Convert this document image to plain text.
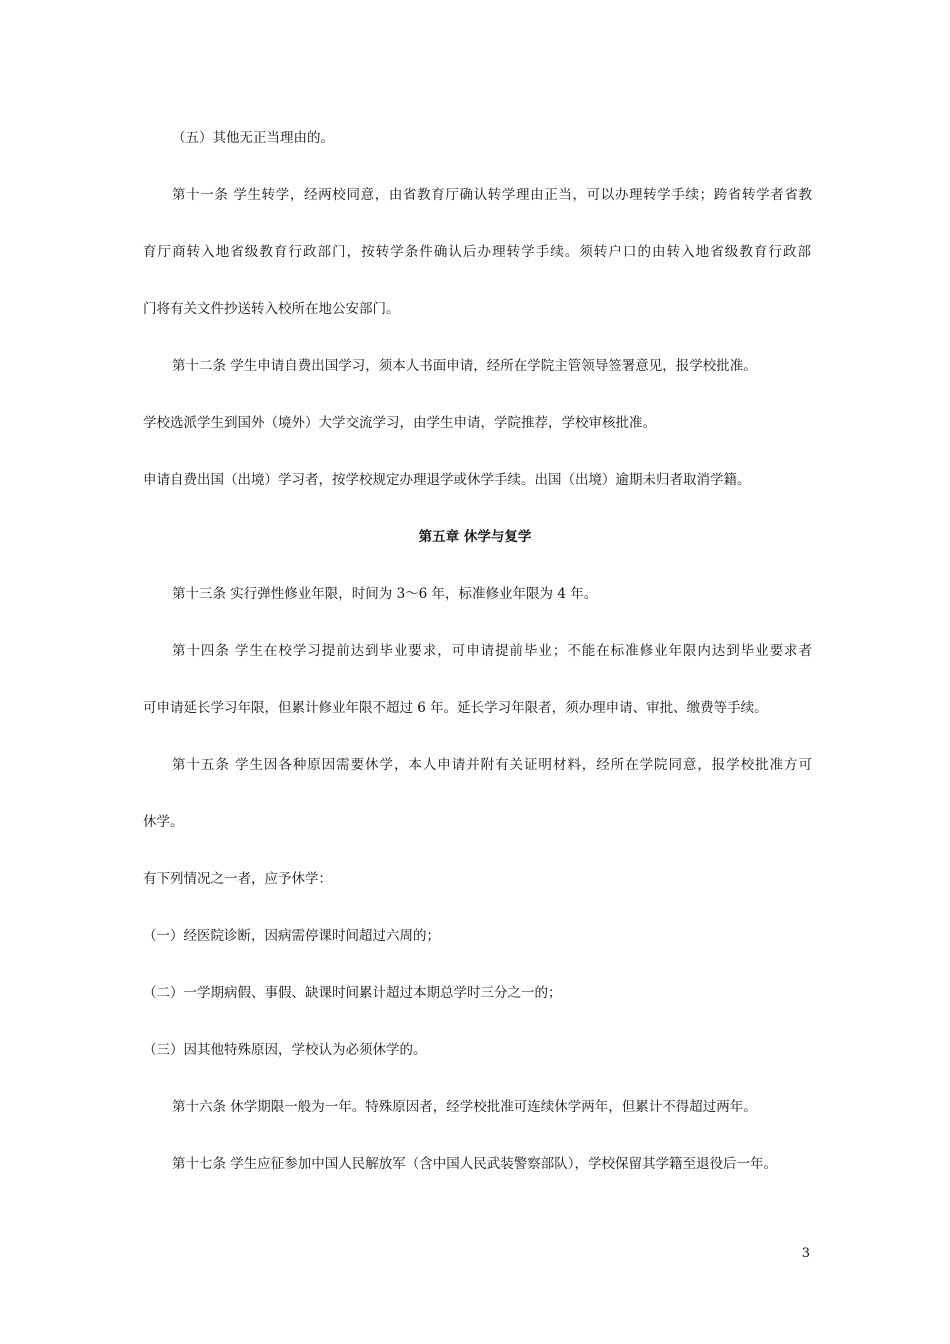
（五）其他无正当理由的。
第十一条 学生转学，经两校同意，由省教育厅确认转学理由正当，可以办理转学手续；跨省转学者省教
育厅商转入地省级教育行政部门，按转学条件确认后办理转学手续。须转户口的由转入地省级教育行政部
门将有关文件抄送转入校所在地公安部门。
第十二条 学生申请自费出国学习，须本人书面申请，经所在学院主管领导签署意见，报学校批准。
学校选派学生到国外（境外）大学交流学习，由学生申请，学院推荐，学校审核批准。
申请自费出国（出境）学习者，按学校规定办理退学或休学手续。出国（出境）逾期未归者取消学籍。
第五章 休学与复学
第十三条 实行弹性修业年限，时间为 3～6 年，标准修业年限为 4 年。
第十四条 学生在校学习提前达到毕业要求，可申请提前毕业；不能在标准修业年限内达到毕业要求者
可申请延长学习年限，但累计修业年限不超过 6 年。延长学习年限者，须办理申请、审批、缴费等手续。
第十五条 学生因各种原因需要休学，本人申请并附有关证明材料，经所在学院同意，报学校批准方可
休学。
有下列情况之一者，应予休学：
（一）经医院诊断，因病需停课时间超过六周的；
（二）一学期病假、事假、缺课时间累计超过本期总学时三分之一的；
（三）因其他特殊原因，学校认为必须休学的。
第十六条 休学期限一般为一年。特殊原因者，经学校批准可连续休学两年，但累计不得超过两年。
第十七条 学生应征参加中国人民解放军（含中国人民武装警察部队），学校保留其学籍至退役后一年。
3
